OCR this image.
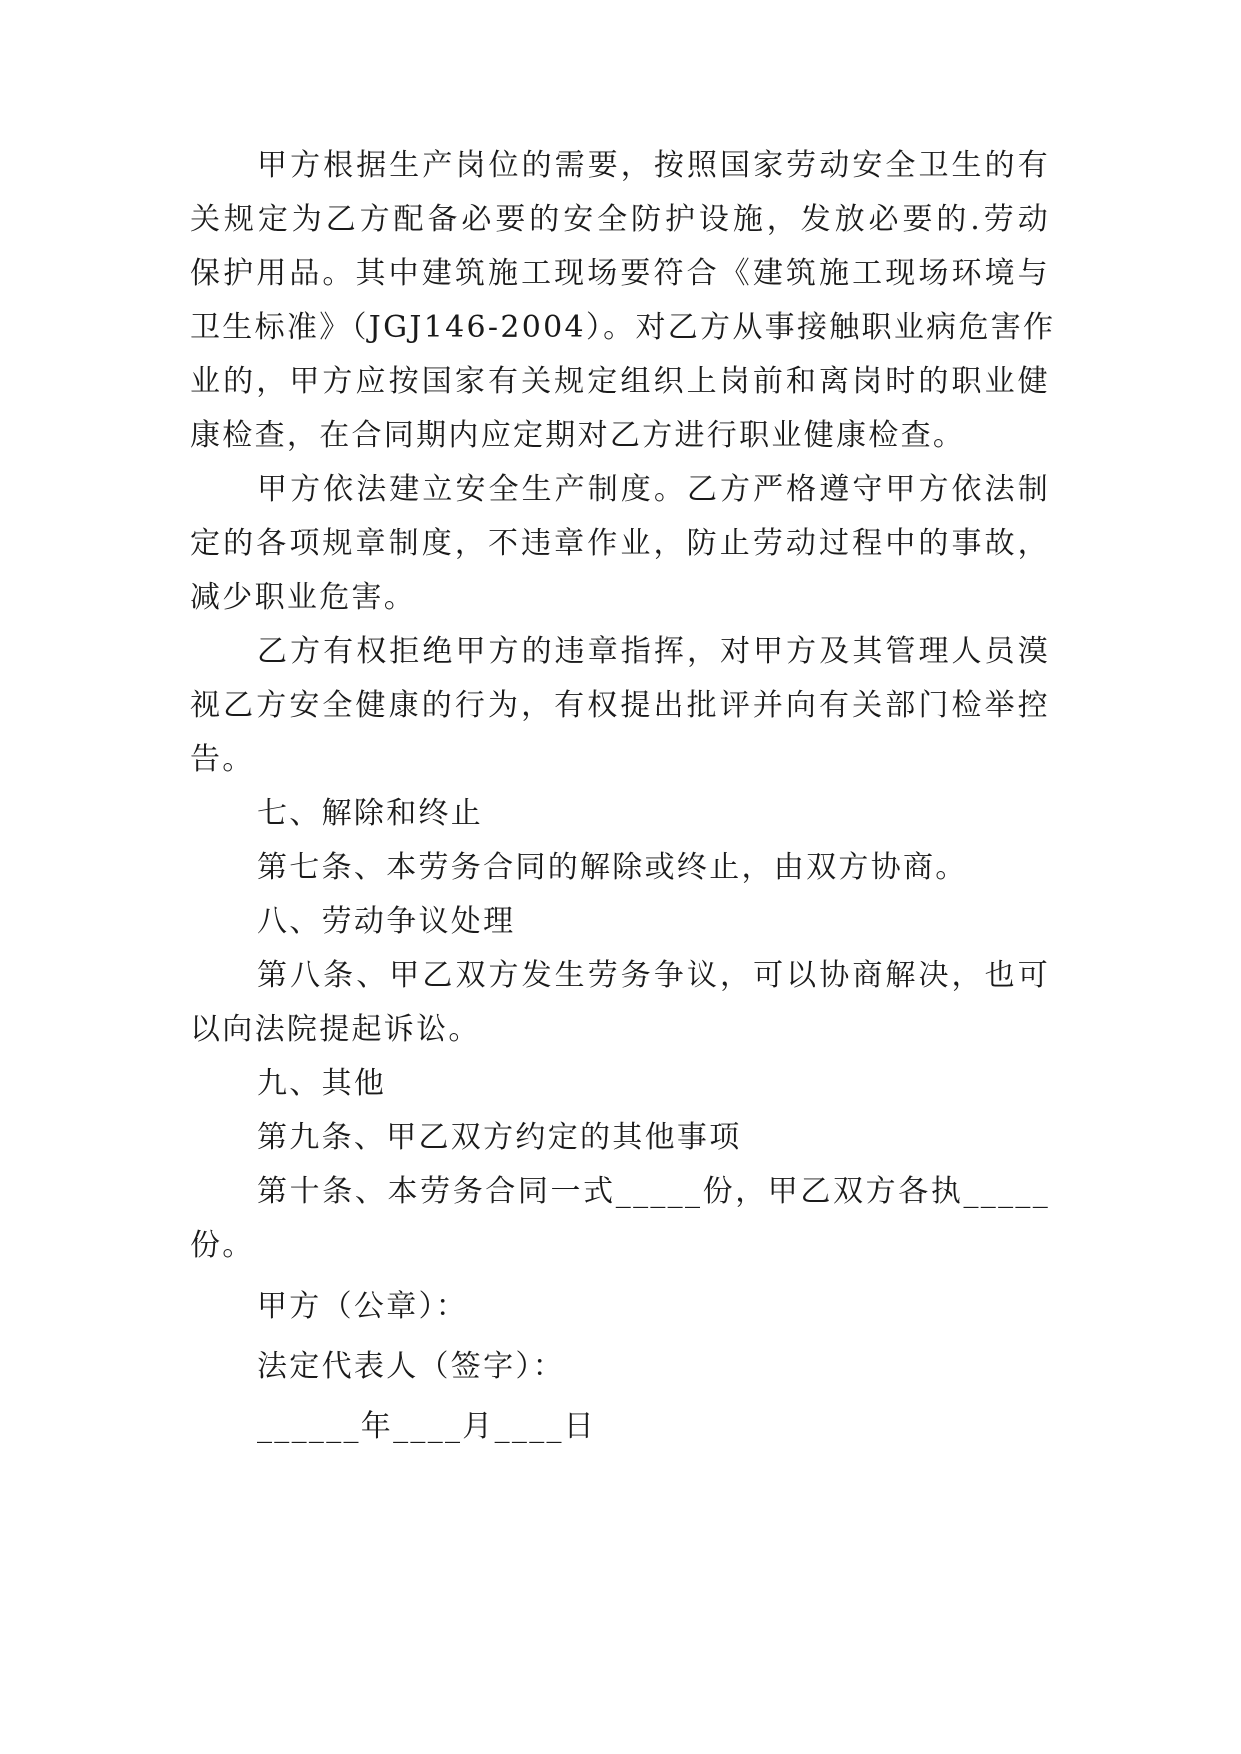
甲方根据生产岗位的需要，按照国家劳动安全卫生的有
关规定为乙方配备必要的安全防护设施，发放必要的.劳动
保护用品。其中建筑施工现场要符合《建筑施工现场环境与
卫生标准》（JGJ146-2004）。对乙方从事接触职业病危害作
业的，甲方应按国家有关规定组织上岗前和离岗时的职业健
康检查，在合同期内应定期对乙方进行职业健康检查。
甲方依法建立安全生产制度。乙方严格遵守甲方依法制
定的各项规章制度，不违章作业，防止劳动过程中的事故，
减少职业危害。
乙方有权拒绝甲方的违章指挥，对甲方及其管理人员漠
视乙方安全健康的行为，有权提出批评并向有关部门检举控
告。
七、解除和终止
第七条、本劳务合同的解除或终止，由双方协商。
八、劳动争议处理
第八条、甲乙双方发生劳务争议，可以协商解决，也可
以向法院提起诉讼。
九、其他
第九条、甲乙双方约定的其他事项
第十条、本劳务合同一式_____份，甲乙双方各执_____
份。
甲方（公章）：
法定代表人（签字）：
______年____月____日
